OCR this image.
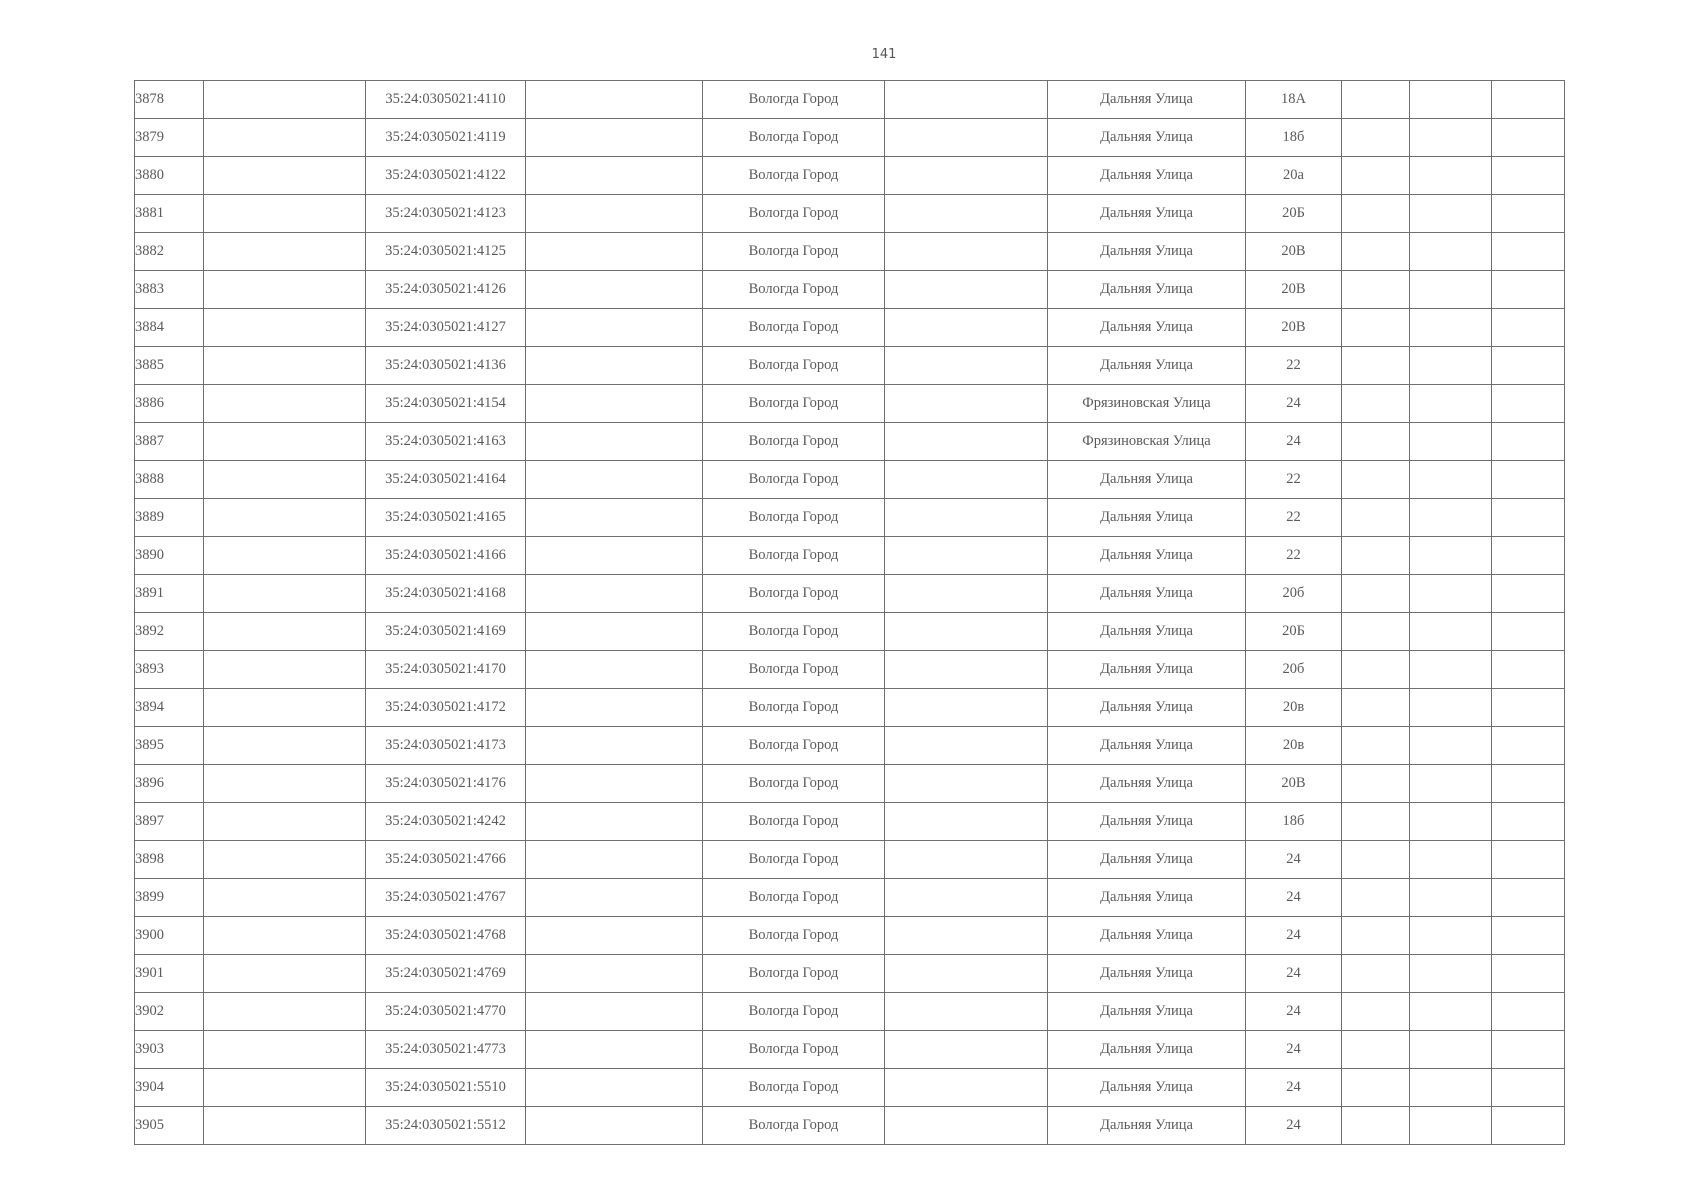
141
3878		35:24:0305021:4110		Вологда Город		Дальняя Улица	18А			
3879		35:24:0305021:4119		Вологда Город		Дальняя Улица	18б			
3880		35:24:0305021:4122		Вологда Город		Дальняя Улица	20а			
3881		35:24:0305021:4123		Вологда Город		Дальняя Улица	20Б			
3882		35:24:0305021:4125		Вологда Город		Дальняя Улица	20В			
3883		35:24:0305021:4126		Вологда Город		Дальняя Улица	20В			
3884		35:24:0305021:4127		Вологда Город		Дальняя Улица	20В			
3885		35:24:0305021:4136		Вологда Город		Дальняя Улица	22			
3886		35:24:0305021:4154		Вологда Город		Фрязиновская Улица	24			
3887		35:24:0305021:4163		Вологда Город		Фрязиновская Улица	24			
3888		35:24:0305021:4164		Вологда Город		Дальняя Улица	22			
3889		35:24:0305021:4165		Вологда Город		Дальняя Улица	22			
3890		35:24:0305021:4166		Вологда Город		Дальняя Улица	22			
3891		35:24:0305021:4168		Вологда Город		Дальняя Улица	20б			
3892		35:24:0305021:4169		Вологда Город		Дальняя Улица	20Б			
3893		35:24:0305021:4170		Вологда Город		Дальняя Улица	20б			
3894		35:24:0305021:4172		Вологда Город		Дальняя Улица	20в			
3895		35:24:0305021:4173		Вологда Город		Дальняя Улица	20в			
3896		35:24:0305021:4176		Вологда Город		Дальняя Улица	20В			
3897		35:24:0305021:4242		Вологда Город		Дальняя Улица	18б			
3898		35:24:0305021:4766		Вологда Город		Дальняя Улица	24			
3899		35:24:0305021:4767		Вологда Город		Дальняя Улица	24			
3900		35:24:0305021:4768		Вологда Город		Дальняя Улица	24			
3901		35:24:0305021:4769		Вологда Город		Дальняя Улица	24			
3902		35:24:0305021:4770		Вологда Город		Дальняя Улица	24			
3903		35:24:0305021:4773		Вологда Город		Дальняя Улица	24			
3904		35:24:0305021:5510		Вологда Город		Дальняя Улица	24			
3905		35:24:0305021:5512		Вологда Город		Дальняя Улица	24			
